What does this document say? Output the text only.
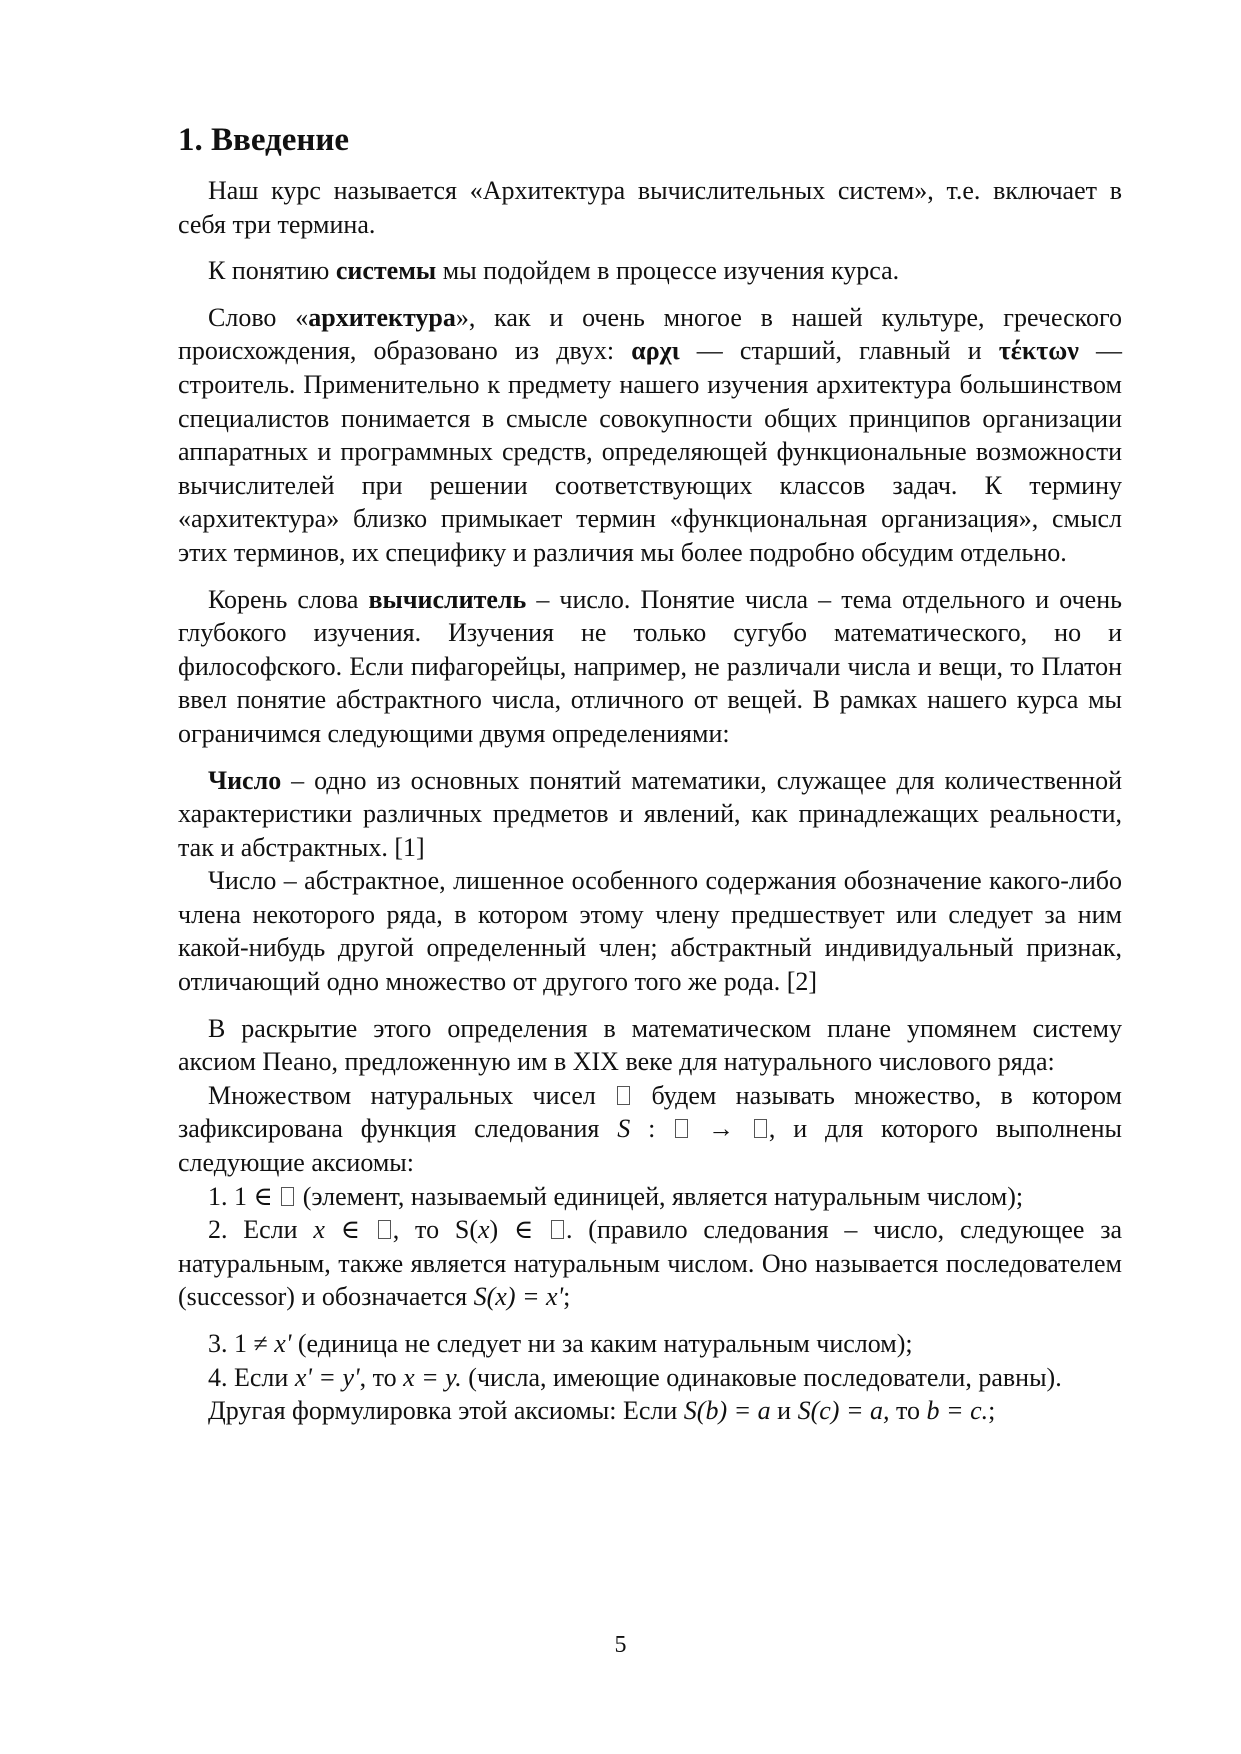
1. Введение

Наш курс называется «Архитектура вычислительных систем», т.е. включает в себя три термина.

К понятию системы мы подойдем в процессе изучения курса.

Слово «архитектура», как и очень многое в нашей культуре, греческого происхождения, образовано из двух: αρχι — старший, главный и τέκτων — строитель. Применительно к предмету нашего изучения архитектура большинством специалистов понимается в смысле совокупности общих принципов организации аппаратных и программных средств, определяющей функциональные возможности вычислителей при решении соответствующих классов задач. К термину «архитектура» близко примыкает термин «функциональная организация», смысл этих терминов, их специфику и различия мы более подробно обсудим отдельно.

Корень слова вычислитель – число. Понятие числа – тема отдельного и очень глубокого изучения. Изучения не только сугубо математического, но и философского. Если пифагорейцы, например, не различали числа и вещи, то Платон ввел понятие абстрактного числа, отличного от вещей. В рамках нашего курса мы ограничимся следующими двумя определениями:

Число – одно из основных понятий математики, служащее для количественной характеристики различных предметов и явлений, как принадлежащих реальности, так и абстрактных. [1]

Число – абстрактное, лишенное особенного содержания обозначение какого-либо члена некоторого ряда, в котором этому члену предшествует или следует за ним какой-нибудь другой определенный член; абстрактный индивидуальный признак, отличающий одно множество от другого того же рода. [2]

В раскрытие этого определения в математическом плане упомянем систему аксиом Пеано, предложенную им в XIX веке для натурального числового ряда:

Множеством натуральных чисел будем называть множество, в котором зафиксирована функция следования S :  → , и для которого выполнены следующие аксиомы:

1. 1 ∈  (элемент, называемый единицей, является натуральным числом);

2. Если x ∈ , то S(x) ∈ . (правило следования – число, следующее за натуральным, также является натуральным числом. Оно называется последователем (successor) и обозначается S(x) = x';

3. 1 ≠ x' (единица не следует ни за каким натуральным числом);

4. Если x' = y', то x = y. (числа, имеющие одинаковые последователи, равны).

Другая формулировка этой аксиомы: Если S(b) = a и S(c) = a, то b = c.;

5
